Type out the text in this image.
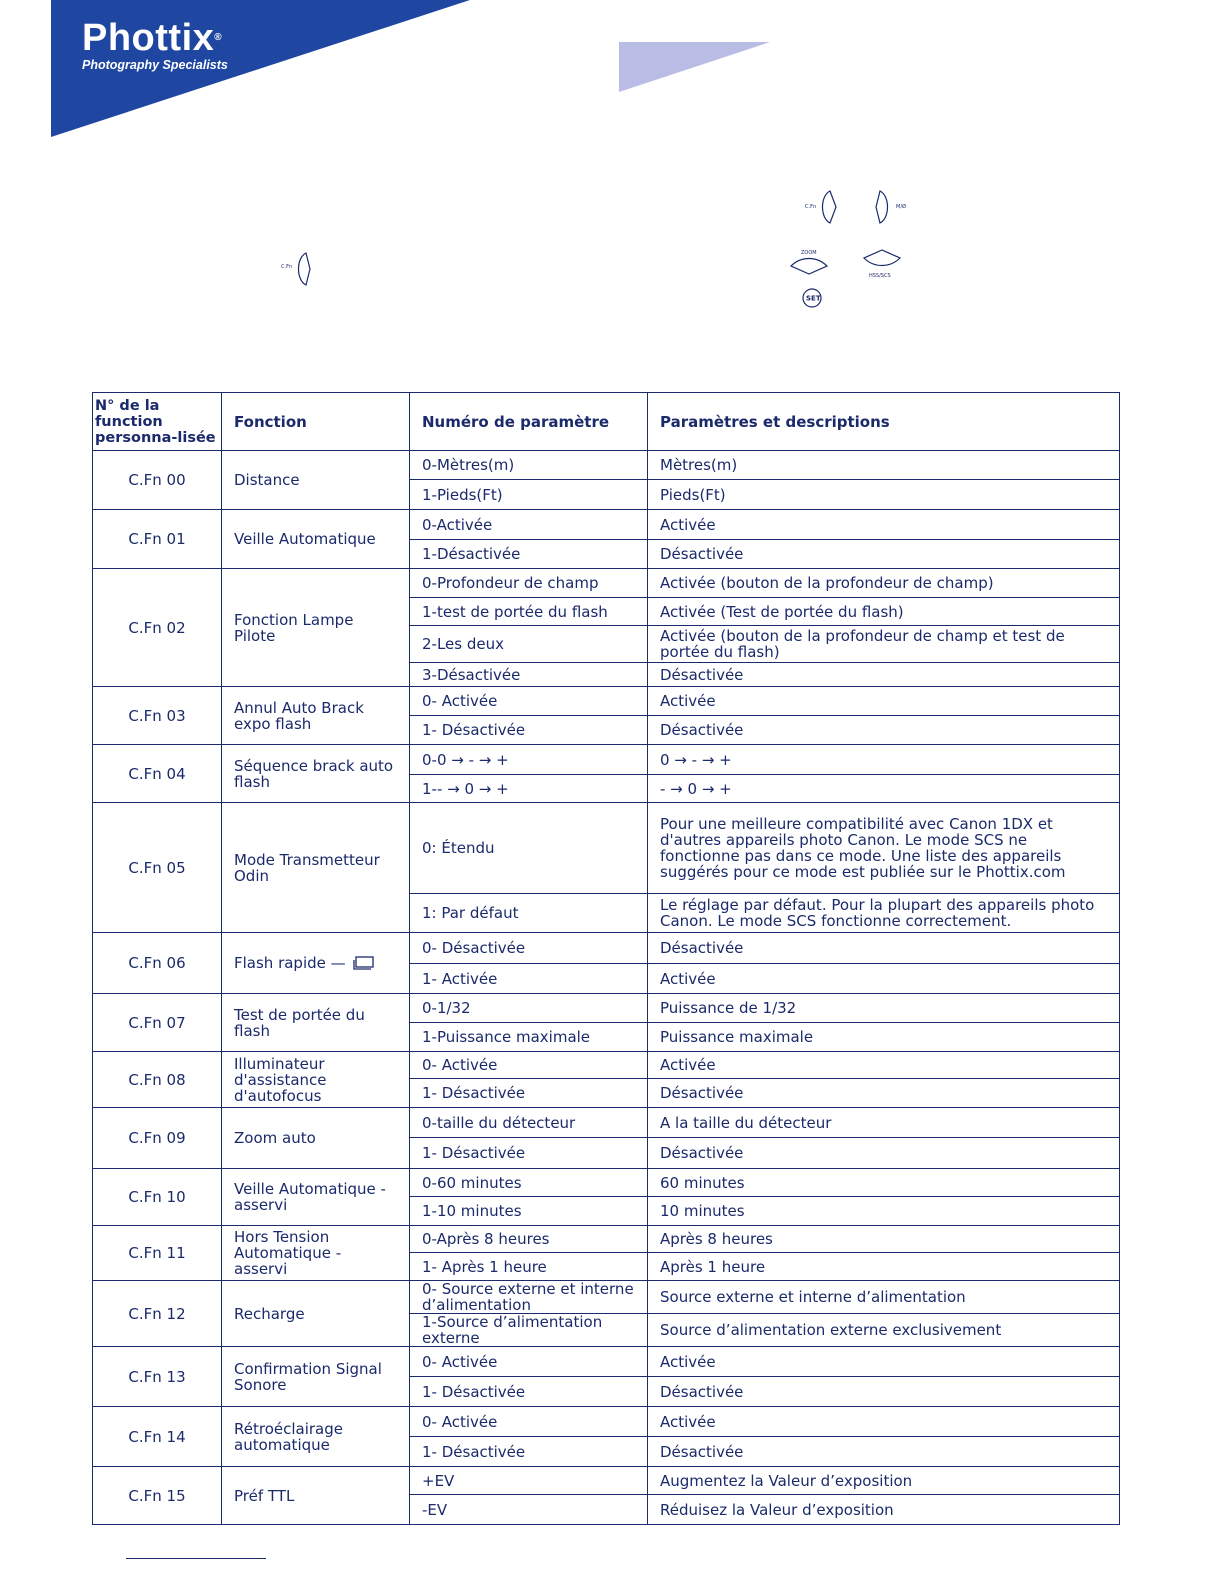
Phottix®
Photography Specialists
C.Fn
C.Fn	M/Ø
ZOOM
HSS/SCS
SET
N° de la function personna-lisée	Fonction	Numéro de paramètre	Paramètres et descriptions
C.Fn 00	Distance	0-Mètres(m)	Mètres(m)
		1-Pieds(Ft)	Pieds(Ft)
C.Fn 01	Veille Automatique	0-Activée	Activée
		1-Désactivée	Désactivée
C.Fn 02	Fonction Lampe Pilote	0-Profondeur de champ	Activée (bouton de la profondeur de champ)
		1-test de portée du flash	Activée (Test de portée du flash)
		2-Les deux	Activée (bouton de la profondeur de champ et test de portée du flash)
		3-Désactivée	Désactivée
C.Fn 03	Annul Auto Brack expo flash	0- Activée	Activée
		1- Désactivée	Désactivée
C.Fn 04	Séquence brack auto flash	0-0 → - → +	0 → - → +
		1-- → 0 → +	- → 0 → +
C.Fn 05	Mode Transmetteur Odin	0: Étendu	Pour une meilleure compatibilité avec Canon 1DX et d'autres appareils photo Canon. Le mode SCS ne fonctionne pas dans ce mode. Une liste des appareils suggérés pour ce mode est publiée sur le Phottix.com
		1: Par défaut	Le réglage par défaut. Pour la plupart des appareils photo Canon. Le mode SCS fonctionne correctement.
C.Fn 06	Flash rapide —	0- Désactivée	Désactivée
		1- Activée	Activée
C.Fn 07	Test de portée du flash	0-1/32	Puissance de 1/32
		1-Puissance maximale	Puissance maximale
C.Fn 08	Illuminateur d'assistance d'autofocus	0- Activée	Activée
		1- Désactivée	Désactivée
C.Fn 09	Zoom auto	0-taille du détecteur	A la taille du détecteur
		1- Désactivée	Désactivée
C.Fn 10	Veille Automatique - asservi	0-60 minutes	60 minutes
		1-10 minutes	10 minutes
C.Fn 11	Hors Tension Automatique - asservi	0-Après 8 heures	Après 8 heures
		1- Après 1 heure	Après 1 heure
C.Fn 12	Recharge	0- Source externe et interne d’alimentation	Source externe et interne d’alimentation
		1-Source d’alimentation externe	Source d’alimentation externe exclusivement
C.Fn 13	Confirmation Signal Sonore	0- Activée	Activée
		1- Désactivée	Désactivée
C.Fn 14	Rétroéclairage automatique	0- Activée	Activée
		1- Désactivée	Désactivée
C.Fn 15	Préf TTL	+EV	Augmentez la Valeur d’exposition
		-EV	Réduisez la Valeur d’exposition
